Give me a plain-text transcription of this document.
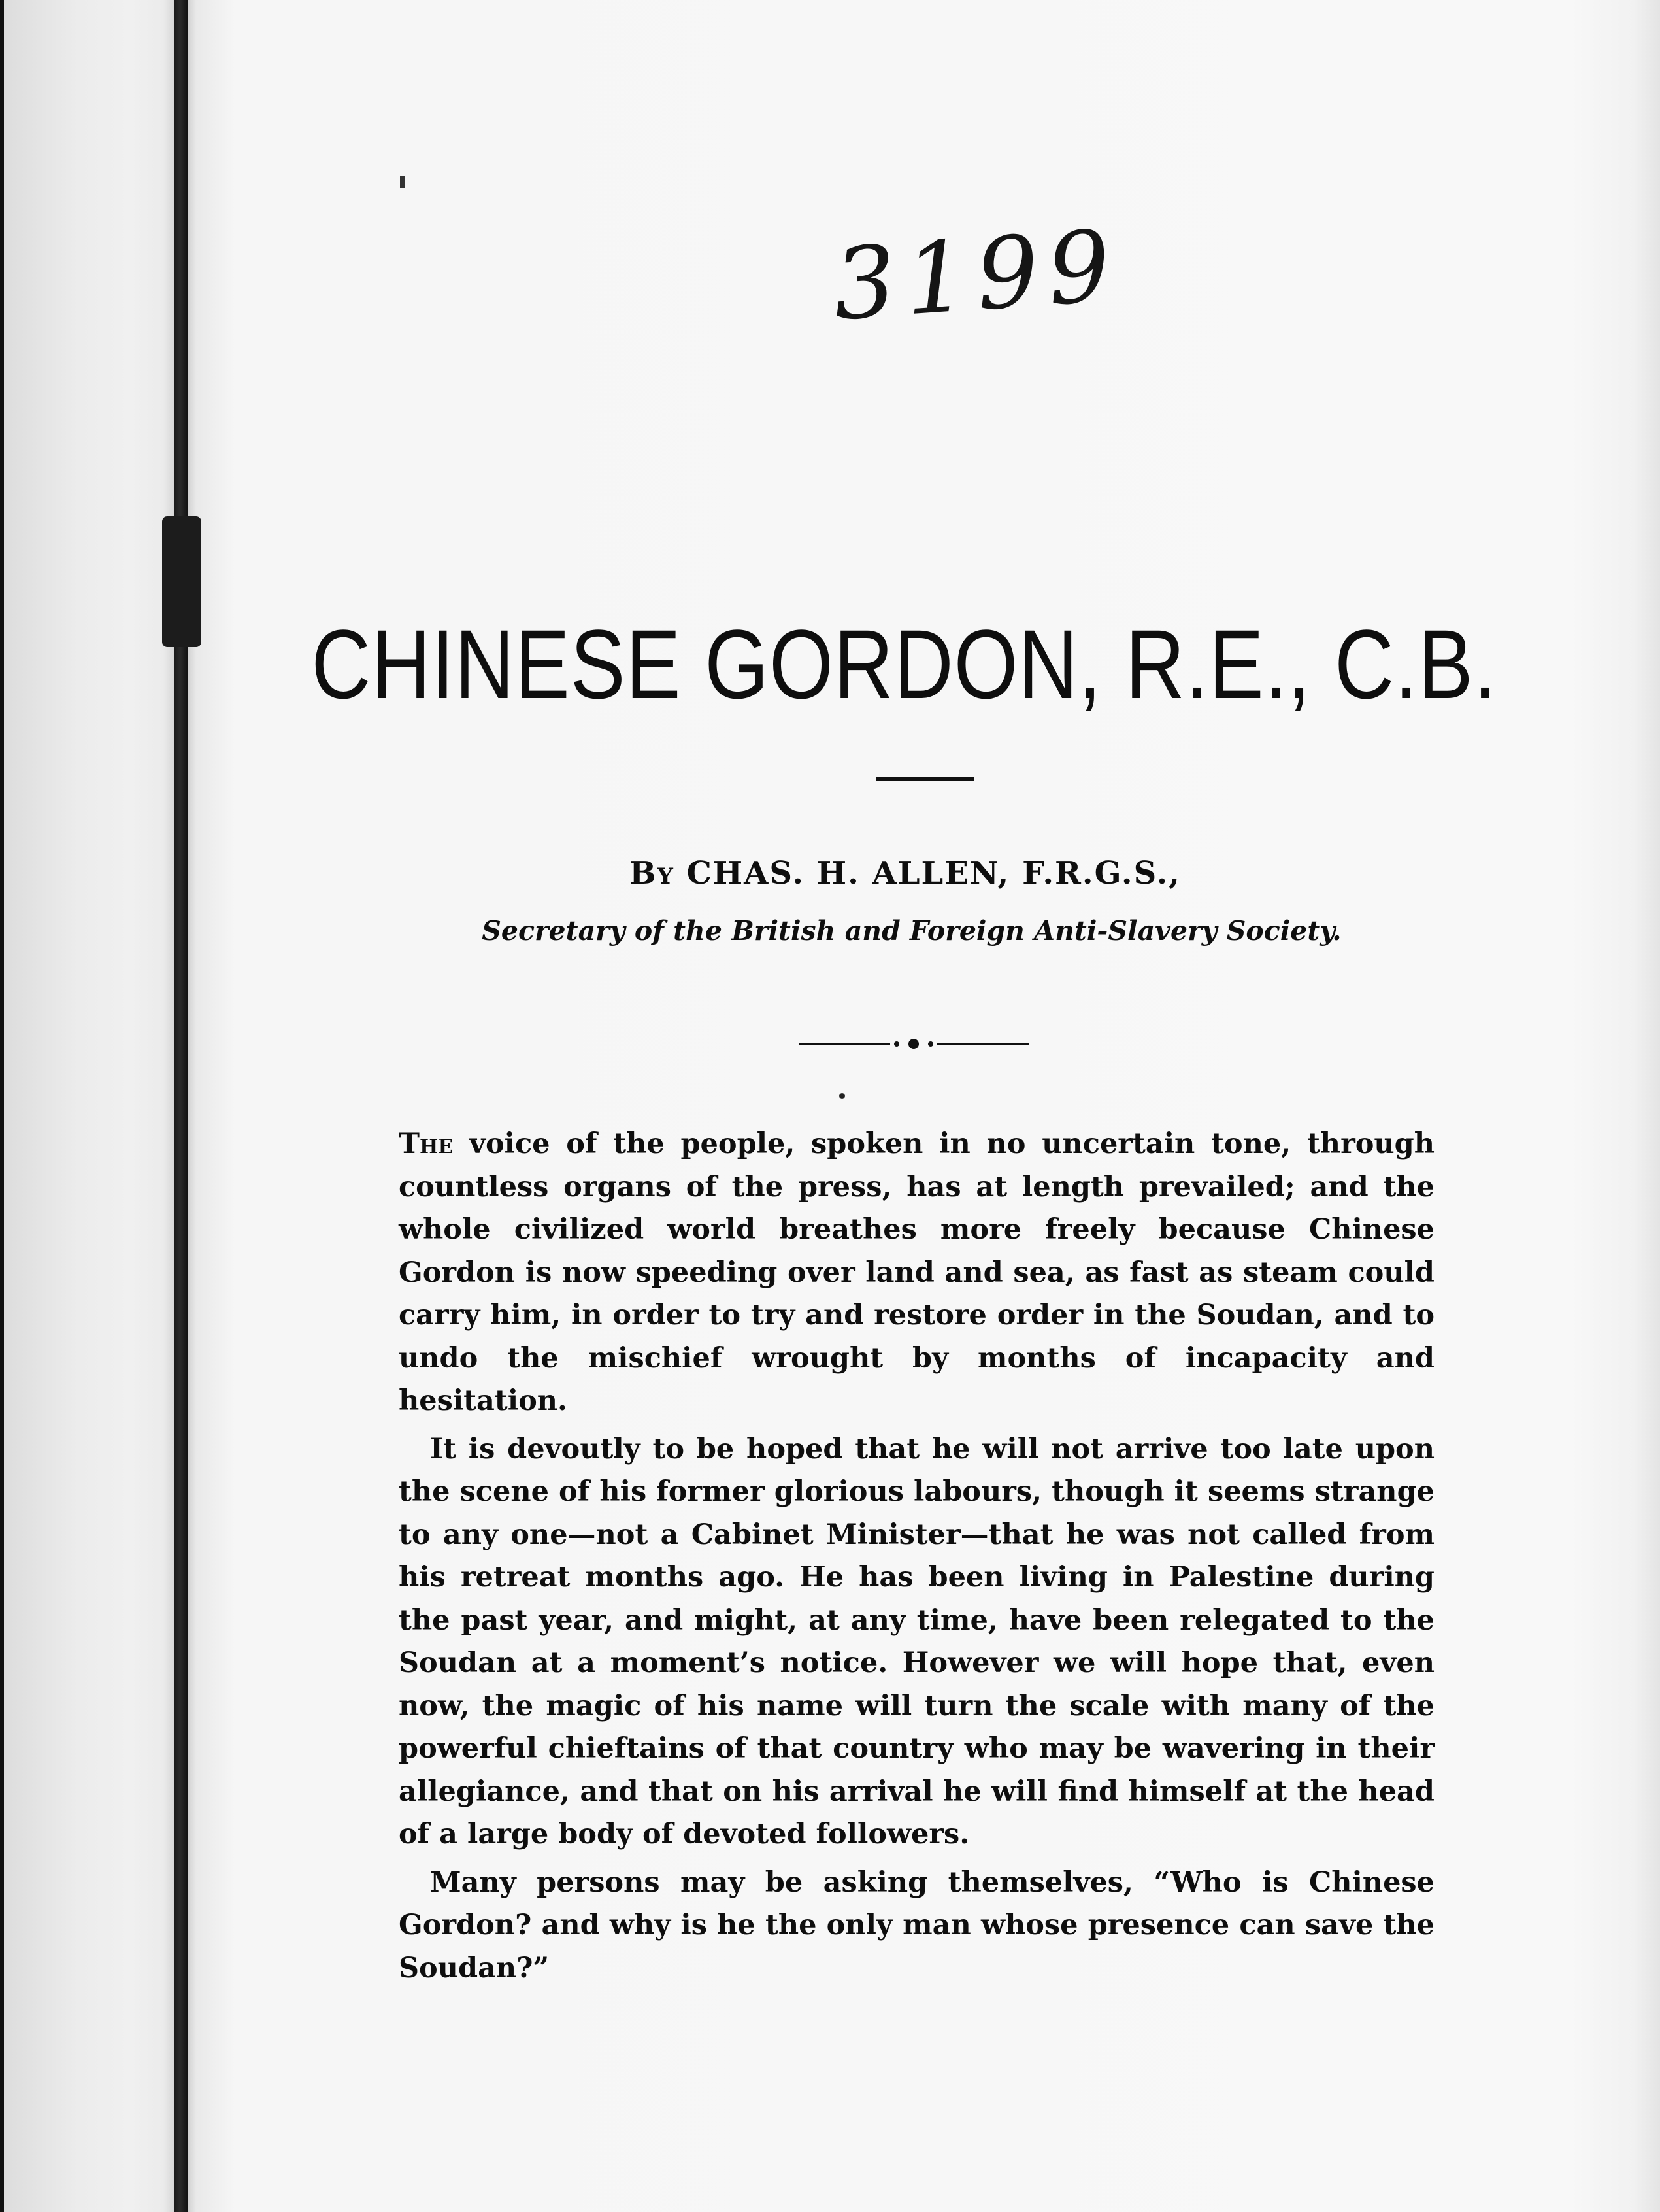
3199
CHINESE GORDON, R.E., C.B.
By CHAS. H. ALLEN, F.R.G.S.,
Secretary of the British and Foreign Anti-Slavery Society.

The voice of the people, spoken in no uncertain tone, through countless organs of the press, has at length prevailed; and the whole civilized world breathes more freely because Chinese Gordon is now speeding over land and sea, as fast as steam could carry him, in order to try and restore order in the Soudan, and to undo the mischief wrought by months of incapacity and hesitation.

It is devoutly to be hoped that he will not arrive too late upon the scene of his former glorious labours, though it seems strange to any one—not a Cabinet Minister—that he was not called from his retreat months ago. He has been living in Palestine during the past year, and might, at any time, have been relegated to the Soudan at a moment’s notice. However we will hope that, even now, the magic of his name will turn the scale with many of the powerful chieftains of that country who may be wavering in their allegiance, and that on his arrival he will find himself at the head of a large body of devoted followers.

Many persons may be asking themselves, “Who is Chinese Gordon? and why is he the only man whose presence can save the Soudan?”
